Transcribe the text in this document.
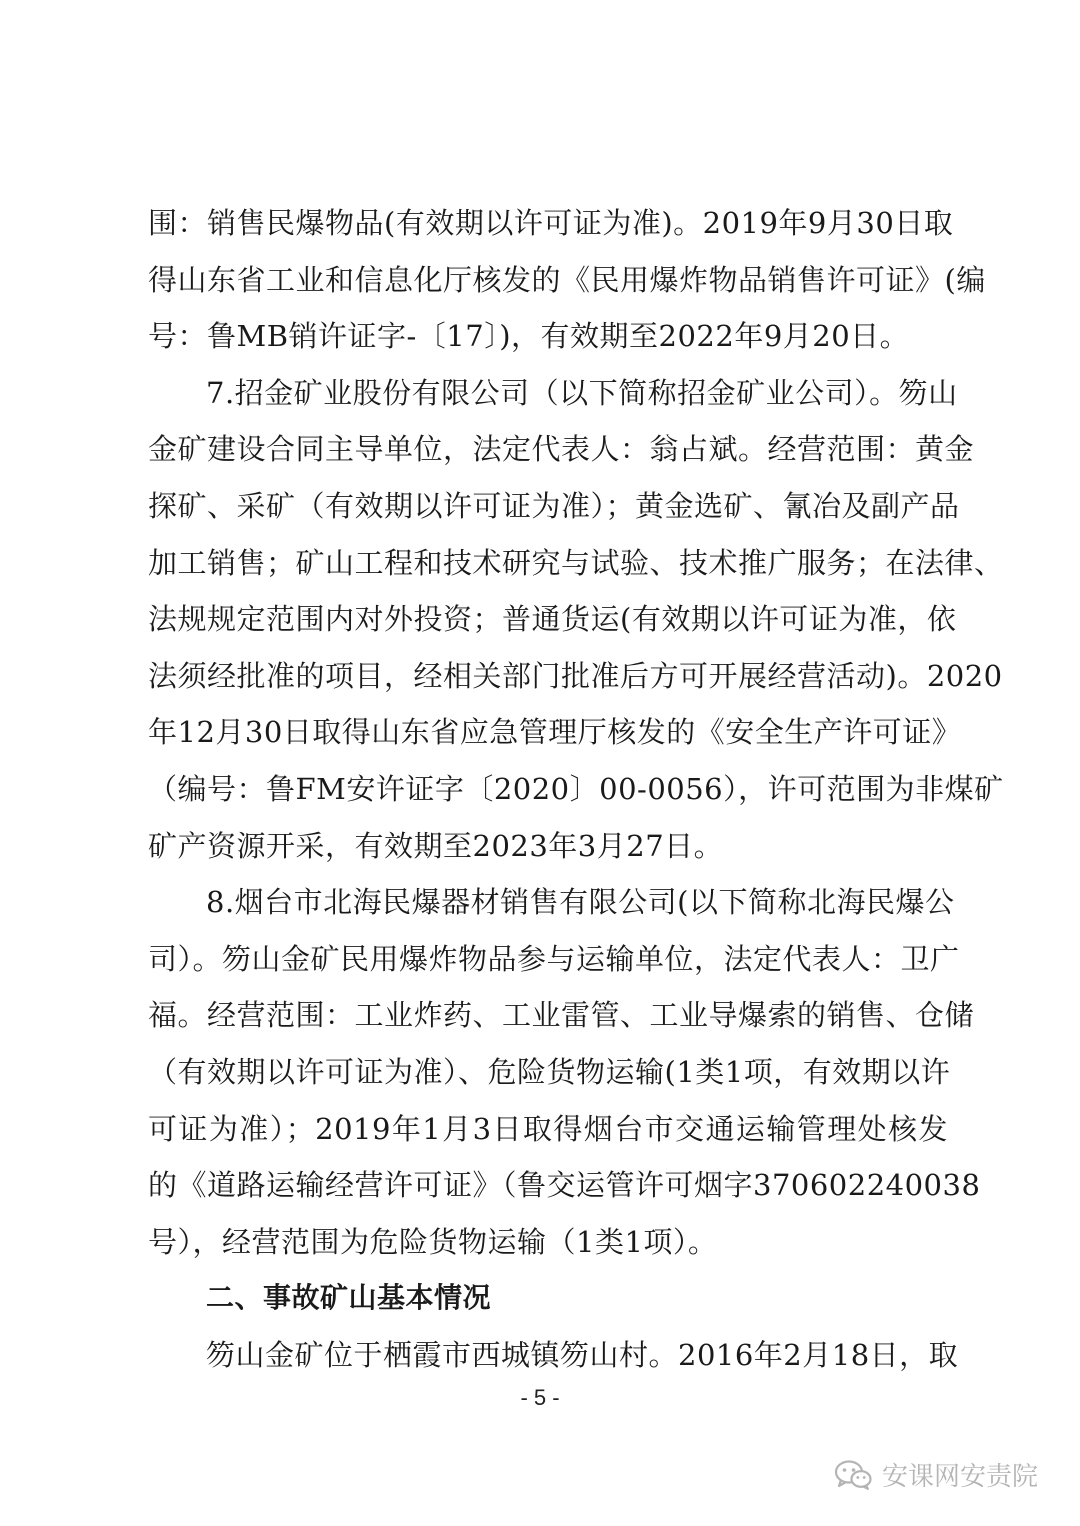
围：销售民爆物品(有效期以许可证为准)。2019年9月30日取
得山东省工业和信息化厅核发的《民用爆炸物品销售许可证》(编
号：鲁MB销许证字-〔17〕)，有效期至2022年9月20日。
7.招金矿业股份有限公司（以下简称招金矿业公司）。笏山
金矿建设合同主导单位，法定代表人：翁占斌。经营范围：黄金
探矿、采矿（有效期以许可证为准）；黄金选矿、氰冶及副产品
加工销售；矿山工程和技术研究与试验、技术推广服务；在法律、
法规规定范围内对外投资；普通货运(有效期以许可证为准，依
法须经批准的项目，经相关部门批准后方可开展经营活动)。2020
年12月30日取得山东省应急管理厅核发的《安全生产许可证》
（编号：鲁FM安许证字〔2020〕00-0056），许可范围为非煤矿
矿产资源开采，有效期至2023年3月27日。
8.烟台市北海民爆器材销售有限公司(以下简称北海民爆公
司）。笏山金矿民用爆炸物品参与运输单位，法定代表人：卫广
福。经营范围：工业炸药、工业雷管、工业导爆索的销售、仓储
（有效期以许可证为准）、危险货物运输(1类1项，有效期以许
可证为准）；2019年1月3日取得烟台市交通运输管理处核发
的《道路运输经营许可证》（鲁交运管许可烟字370602240038
号），经营范围为危险货物运输（1类1项）。
二、事故矿山基本情况
笏山金矿位于栖霞市西城镇笏山村。2016年2月18日，取
- 5 -
安课网安责院
